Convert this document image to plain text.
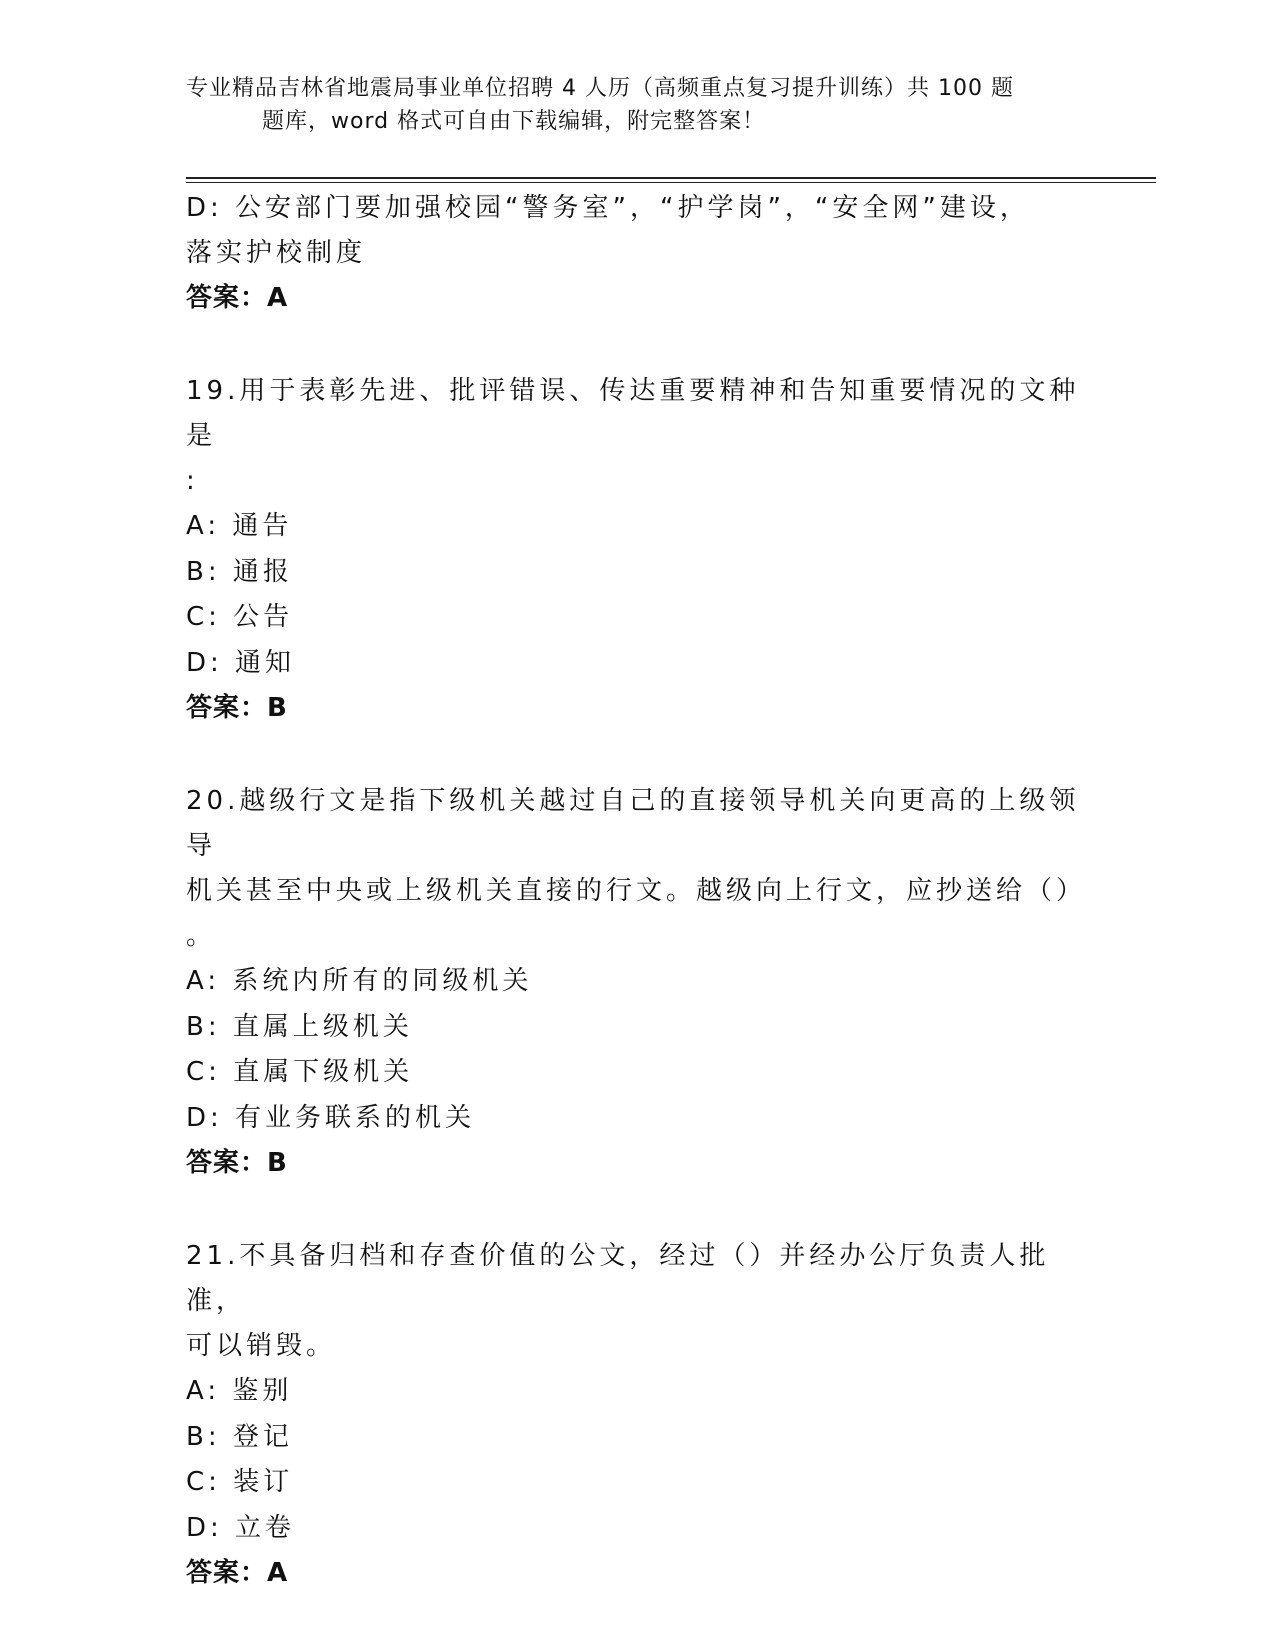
专业精品吉林省地震局事业单位招聘 4 人历（高频重点复习提升训练）共 100 题
题库，word 格式可自由下载编辑，附完整答案！

D: 公安部门要加强校园“警务室”，“护学岗”，“安全网”建设，

落实护校制度

答案：A

19.用于表彰先进、批评错误、传达重要精神和告知重要情况的文种是

:

A: 通告

B: 通报

C: 公告

D: 通知

答案：B

20.越级行文是指下级机关越过自己的直接领导机关向更高的上级领导

机关甚至中央或上级机关直接的行文。越级向上行文，应抄送给（）

。

A: 系统内所有的同级机关

B: 直属上级机关

C: 直属下级机关

D: 有业务联系的机关

答案：B

21.不具备归档和存查价值的公文，经过（）并经办公厅负责人批准，

可以销毁。

A: 鉴别

B: 登记

C: 装订

D: 立卷

答案：A
